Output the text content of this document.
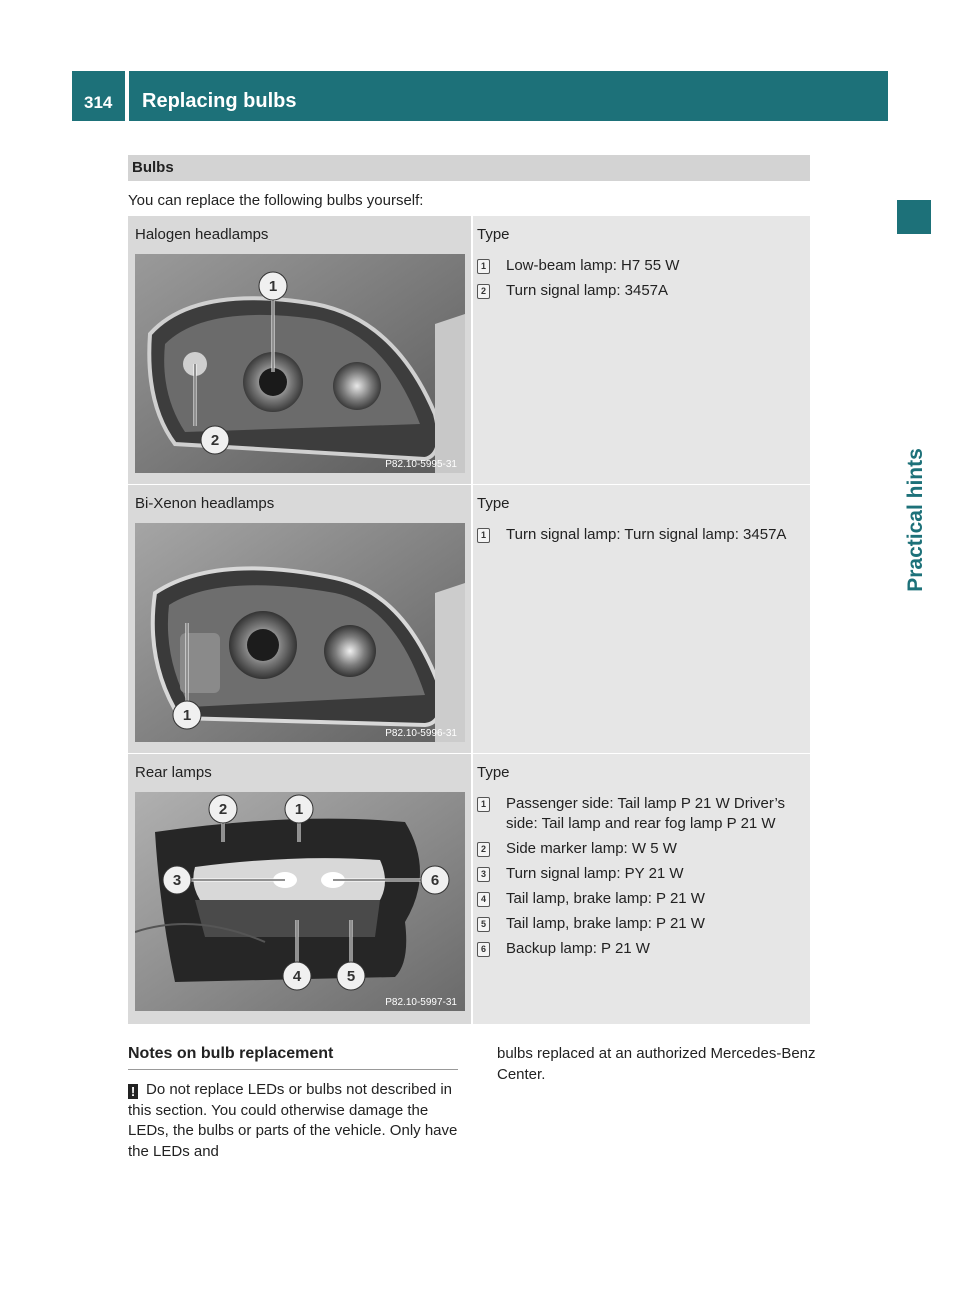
314	Replacing bulbs
Practical hints
Bulbs
You can replace the following bulbs yourself:
Halogen headlamps
1
2
P82.10-5995-31
Type
1 Low-beam lamp: H7 55 W
2 Turn signal lamp: 3457A
Bi-Xenon headlamps
1
P82.10-5996-31
Type
1 Turn signal lamp: Turn signal lamp: 3457A
Rear lamps
2	1
3	6
4	5
P82.10-5997-31
Type
1 Passenger side: Tail lamp P 21 W Driver’s side: Tail lamp and rear fog lamp P 21 W
2 Side marker lamp: W 5 W
3 Turn signal lamp: PY 21 W
4 Tail lamp, brake lamp: P 21 W
5 Tail lamp, brake lamp: P 21 W
6 Backup lamp: P 21 W
Notes on bulb replacement
! Do not replace LEDs or bulbs not described in this section. You could otherwise damage the LEDs, the bulbs or parts of the vehicle. Only have the LEDs and
bulbs replaced at an authorized Mercedes-Benz Center.
